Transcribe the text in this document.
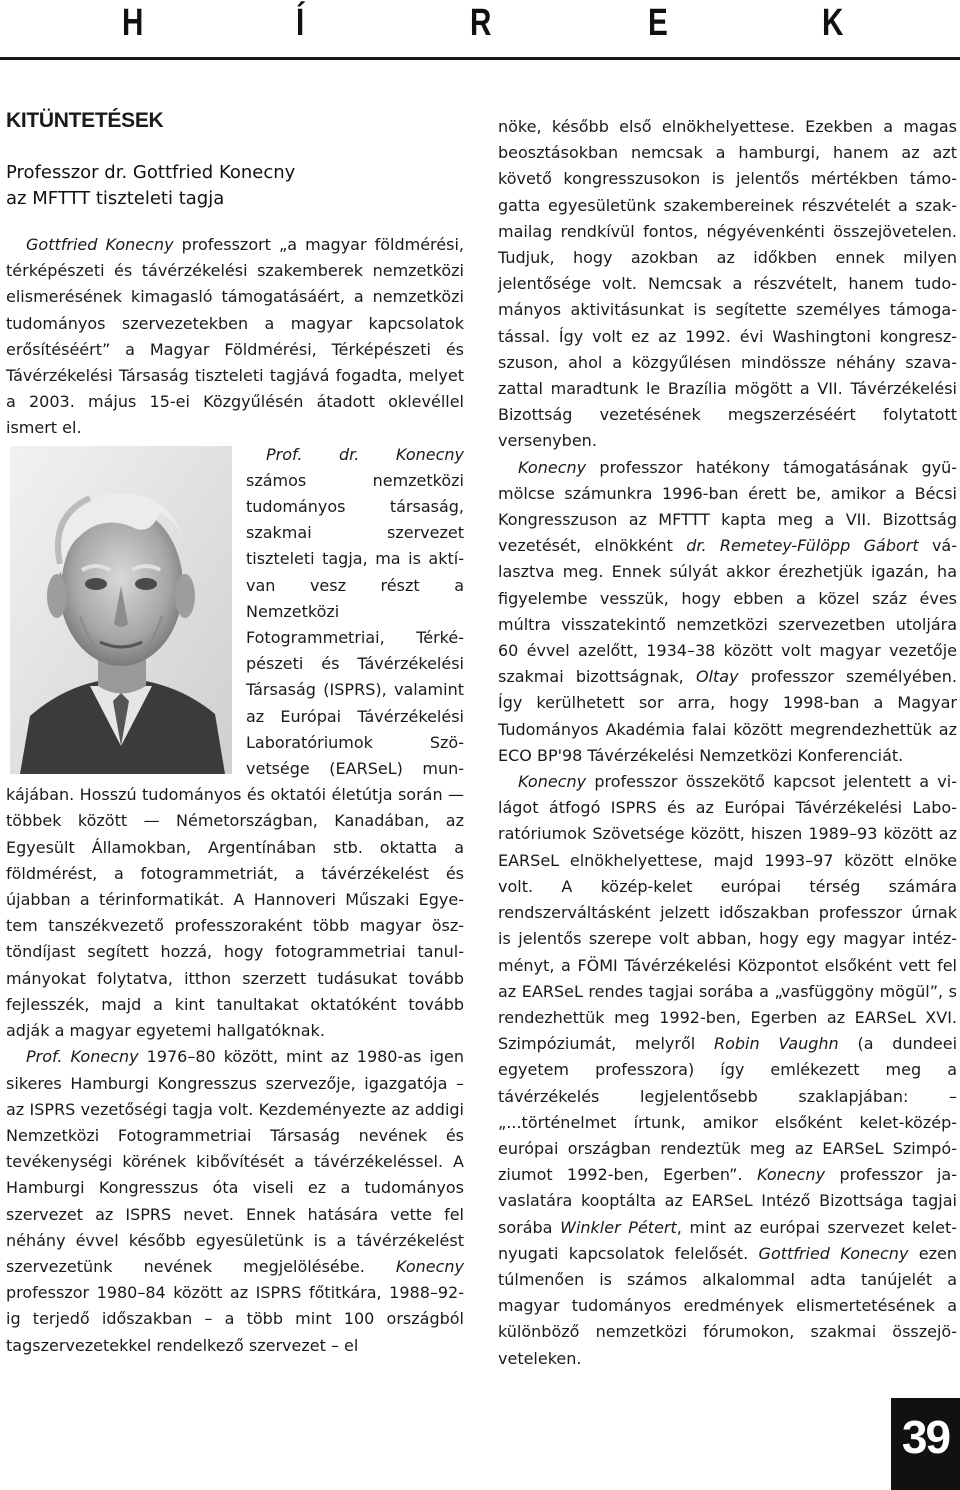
H	Í	R	E	K
KITÜNTETÉSEK
Professzor dr. Gottfried Konecny
az MFTTT tiszteleti tagja

Gottfried Konecny professzort „a magyar földmérési, térképészeti és távérzékelési szakemberek nemzetközi elismerésének kimagasló támogatásáért, a nemzetközi tudományos szervezetekben a magyar kapcsolatok erősítéséért” a Magyar Földmérési, Térképészeti és Távérzékelési Társaság tiszteleti tagjává fogadta, melyet a 2003. május 15-ei Közgyűlésén átadott oklevéllel ismert el.

Prof. dr. Konecny
számos nemzetközi tudományos társaság, szakmai szervezet tiszteleti tagja, ma is aktívan vesz részt a Nemzetközi Fotogrammetriai, Térképészeti és Távérzékelési Társaság (ISPRS), valamint az Európai Távérzékelési Laboratóriumok Szövetsége (EARSeL) munkájában. Hosszú tudományos és oktatói életútja során — többek között — Németországban, Kanadában, az Egyesült Államokban, Argentínában stb. oktatta a földmérést, a fotogrammetriát, a távérzékelést és újabban a térinformatikát. A Hannoveri Műszaki Egyetem tanszékvezető professzoraként több magyar ösztöndíjast segített hozzá, hogy fotogrammetriai tanulmányokat folytatva, itthon szerzett tudásukat tovább fejlesszék, majd a kint tanultakat oktatóként tovább adják a magyar egyetemi hallgatóknak.

Prof. Konecny 1976–80 között, mint az 1980-as igen sikeres Hamburgi Kongresszus szervezője, igazgatója – az ISPRS vezetőségi tagja volt. Kezdeményezte az addigi Nemzetközi Fotogrammetriai Társaság nevének és tevékenységi körének kibővítését a távérzékeléssel. A Hamburgi Kongresszus óta viseli ez a tudományos szervezet az ISPRS nevet. Ennek hatására vette fel néhány évvel később egyesületünk is a távérzékelést szervezetünk nevének megjelölésébe. Konecny professzor 1980–84 között az ISPRS főtitkára, 1988–92-ig terjedő időszakban – a több mint 100 országból tagszervezetekkel rendelkező szervezet – el

nöke, később első elnökhelyettese. Ezekben a magas beosztásokban nemcsak a hamburgi, hanem az azt követő kongresszusokon is jelentős mértékben támogatta egyesületünk szakembereinek részvételét a szakmailag rendkívül fontos, négyévenkénti összejövetelen. Tudjuk, hogy azokban az időkben ennek milyen jelentősége volt. Nemcsak a részvételt, hanem tudományos aktivitásunkat is segítette személyes támogatással. Így volt ez az 1992. évi Washingtoni kongreszszuson, ahol a közgyűlésen mindössze néhány szavazattal maradtunk le Brazília mögött a VII. Távérzékelési Bizottság vezetésének megszerzéséért folytatott versenyben.

Konecny professzor hatékony támogatásának gyümölcse számunkra 1996-ban érett be, amikor a Bécsi Kongresszuson az MFTTT kapta meg a VII. Bizottság vezetését, elnökként dr. Remetey-Fülöpp Gábort választva meg. Ennek súlyát akkor érezhetjük igazán, ha figyelembe vesszük, hogy ebben a közel száz éves múltra visszatekintő nemzetközi szervezetben utoljára 60 évvel azelőtt, 1934–38 között volt magyar vezetője szakmai bizottságnak, Oltay professzor személyében. Így kerülhetett sor arra, hogy 1998-ban a Magyar Tudományos Akadémia falai között megrendezhettük az ECO BP'98 Távérzékelési Nemzetközi Konferenciát.

Konecny professzor összekötő kapcsot jelentett a világot átfogó ISPRS és az Európai Távérzékelési Laboratóriumok Szövetsége között, hiszen 1989–93 között az EARSeL elnökhelyettese, majd 1993–97 között elnöke volt. A közép-kelet európai térség számára rendszerváltásként jelzett időszakban professzor úrnak is jelentős szerepe volt abban, hogy egy magyar intézményt, a FÖMI Távérzékelési Központot elsőként vett fel az EARSeL rendes tagjai sorába a „vasfüggöny mögül”, s rendezhettük meg 1992-ben, Egerben az EARSeL XVI. Szimpóziumát, melyről Robin Vaughn (a dundeei egyetem professzora) így emlékezett meg a távérzékelés legjelentősebb szaklapjában: – „...történelmet írtunk, amikor elsőként kelet-középeurópai országban rendeztük meg az EARSeL Szimpóziumot 1992-ben, Egerben”. Konecny professzor javaslatára kooptálta az EARSeL Intéző Bizottsága tagjai sorába Winkler Pétert, mint az európai szervezet kelet-nyugati kapcsolatok felelősét. Gottfried Konecny ezen túlmenően is számos alkalommal adta tanújelét a magyar tudományos eredmények elismertetésének a különböző nemzetközi fórumokon, szakmai összejöveteleken.

39
